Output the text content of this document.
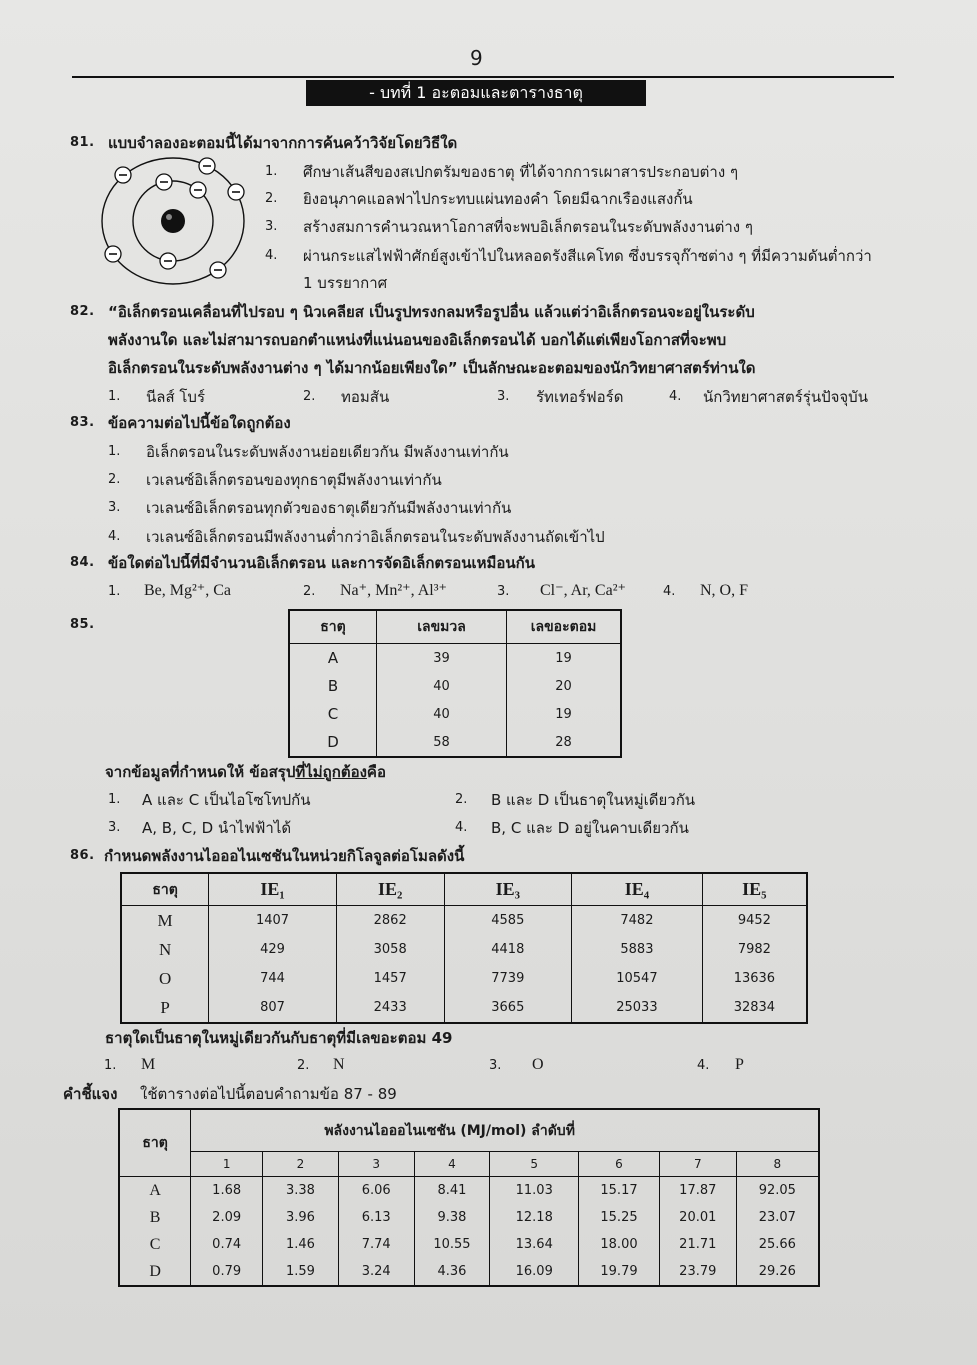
9
- บทที่ 1 อะตอมและตารางธาตุ
81. แบบจำลองอะตอมนี้ได้มาจากการค้นคว้าวิจัยโดยวิธีใด
1. ศึกษาเส้นสีของสเปกตรัมของธาตุ ที่ได้จากการเผาสารประกอบต่าง ๆ
2. ยิงอนุภาคแอลฟาไปกระทบแผ่นทองคำ โดยมีฉากเรืองแสงกั้น
3. สร้างสมการคำนวณหาโอกาสที่จะพบอิเล็กตรอนในระดับพลังงานต่าง ๆ
4. ผ่านกระแสไฟฟ้าศักย์สูงเข้าไปในหลอดรังสีแคโทด ซึ่งบรรจุก๊าซต่าง ๆ ที่มีความดันต่ำกว่า
1 บรรยากาศ
82. “อิเล็กตรอนเคลื่อนที่ไปรอบ ๆ นิวเคลียส เป็นรูปทรงกลมหรือรูปอื่น แล้วแต่ว่าอิเล็กตรอนจะอยู่ในระดับ
พลังงานใด และไม่สามารถบอกตำแหน่งที่แน่นอนของอิเล็กตรอนได้ บอกได้แต่เพียงโอกาสที่จะพบ
อิเล็กตรอนในระดับพลังงานต่าง ๆ ได้มากน้อยเพียงใด” เป็นลักษณะอะตอมของนักวิทยาศาสตร์ท่านใด
1. นีลส์ โบร์	2. ทอมสัน	3. รัทเทอร์ฟอร์ด	4. นักวิทยาศาสตร์รุ่นปัจจุบัน
83. ข้อความต่อไปนี้ข้อใดถูกต้อง
1. อิเล็กตรอนในระดับพลังงานย่อยเดียวกัน มีพลังงานเท่ากัน
2. เวเลนซ์อิเล็กตรอนของทุกธาตุมีพลังงานเท่ากัน
3. เวเลนซ์อิเล็กตรอนทุกตัวของธาตุเดียวกันมีพลังงานเท่ากัน
4. เวเลนซ์อิเล็กตรอนมีพลังงานต่ำกว่าอิเล็กตรอนในระดับพลังงานถัดเข้าไป
84. ข้อใดต่อไปนี้ที่มีจำนวนอิเล็กตรอน และการจัดอิเล็กตรอนเหมือนกัน
1. Be, Mg²⁺, Ca	2. Na⁺, Mn²⁺, Al³⁺	3. Cl⁻, Ar, Ca²⁺	4. N, O, F
85.	ธาตุ	เลขมวล	เลขอะตอม
A	39	19
B	40	20
C	40	19
D	58	28
จากข้อมูลที่กำหนดให้ ข้อสรุปที่ไม่ถูกต้องคือ
1. A และ C เป็นไอโซโทปกัน	2. B และ D เป็นธาตุในหมู่เดียวกัน
3. A, B, C, D นำไฟฟ้าได้	4. B, C และ D อยู่ในคาบเดียวกัน
86. กำหนดพลังงานไอออไนเซชันในหน่วยกิโลจูลต่อโมลดังนี้
ธาตุ	IE₁	IE₂	IE₃	IE₄	IE₅
M	1407	2862	4585	7482	9452
N	429	3058	4418	5883	7982
O	744	1457	7739	10547	13636
P	807	2433	3665	25033	32834
ธาตุใดเป็นธาตุในหมู่เดียวกันกับธาตุที่มีเลขอะตอม 49
1. M	2. N	3. O	4. P
คำชี้แจง ใช้ตารางต่อไปนี้ตอบคำถามข้อ 87 - 89
ธาตุ	พลังงานไอออไนเซชัน (MJ/mol) ลำดับที่							
	1	2	3	4	5	6	7	8
A	1.68	3.38	6.06	8.41	11.03	15.17	17.87	92.05
B	2.09	3.96	6.13	9.38	12.18	15.25	20.01	23.07
C	0.74	1.46	7.74	10.55	13.64	18.00	21.71	25.66
D	0.79	1.59	3.24	4.36	16.09	19.79	23.79	29.26
